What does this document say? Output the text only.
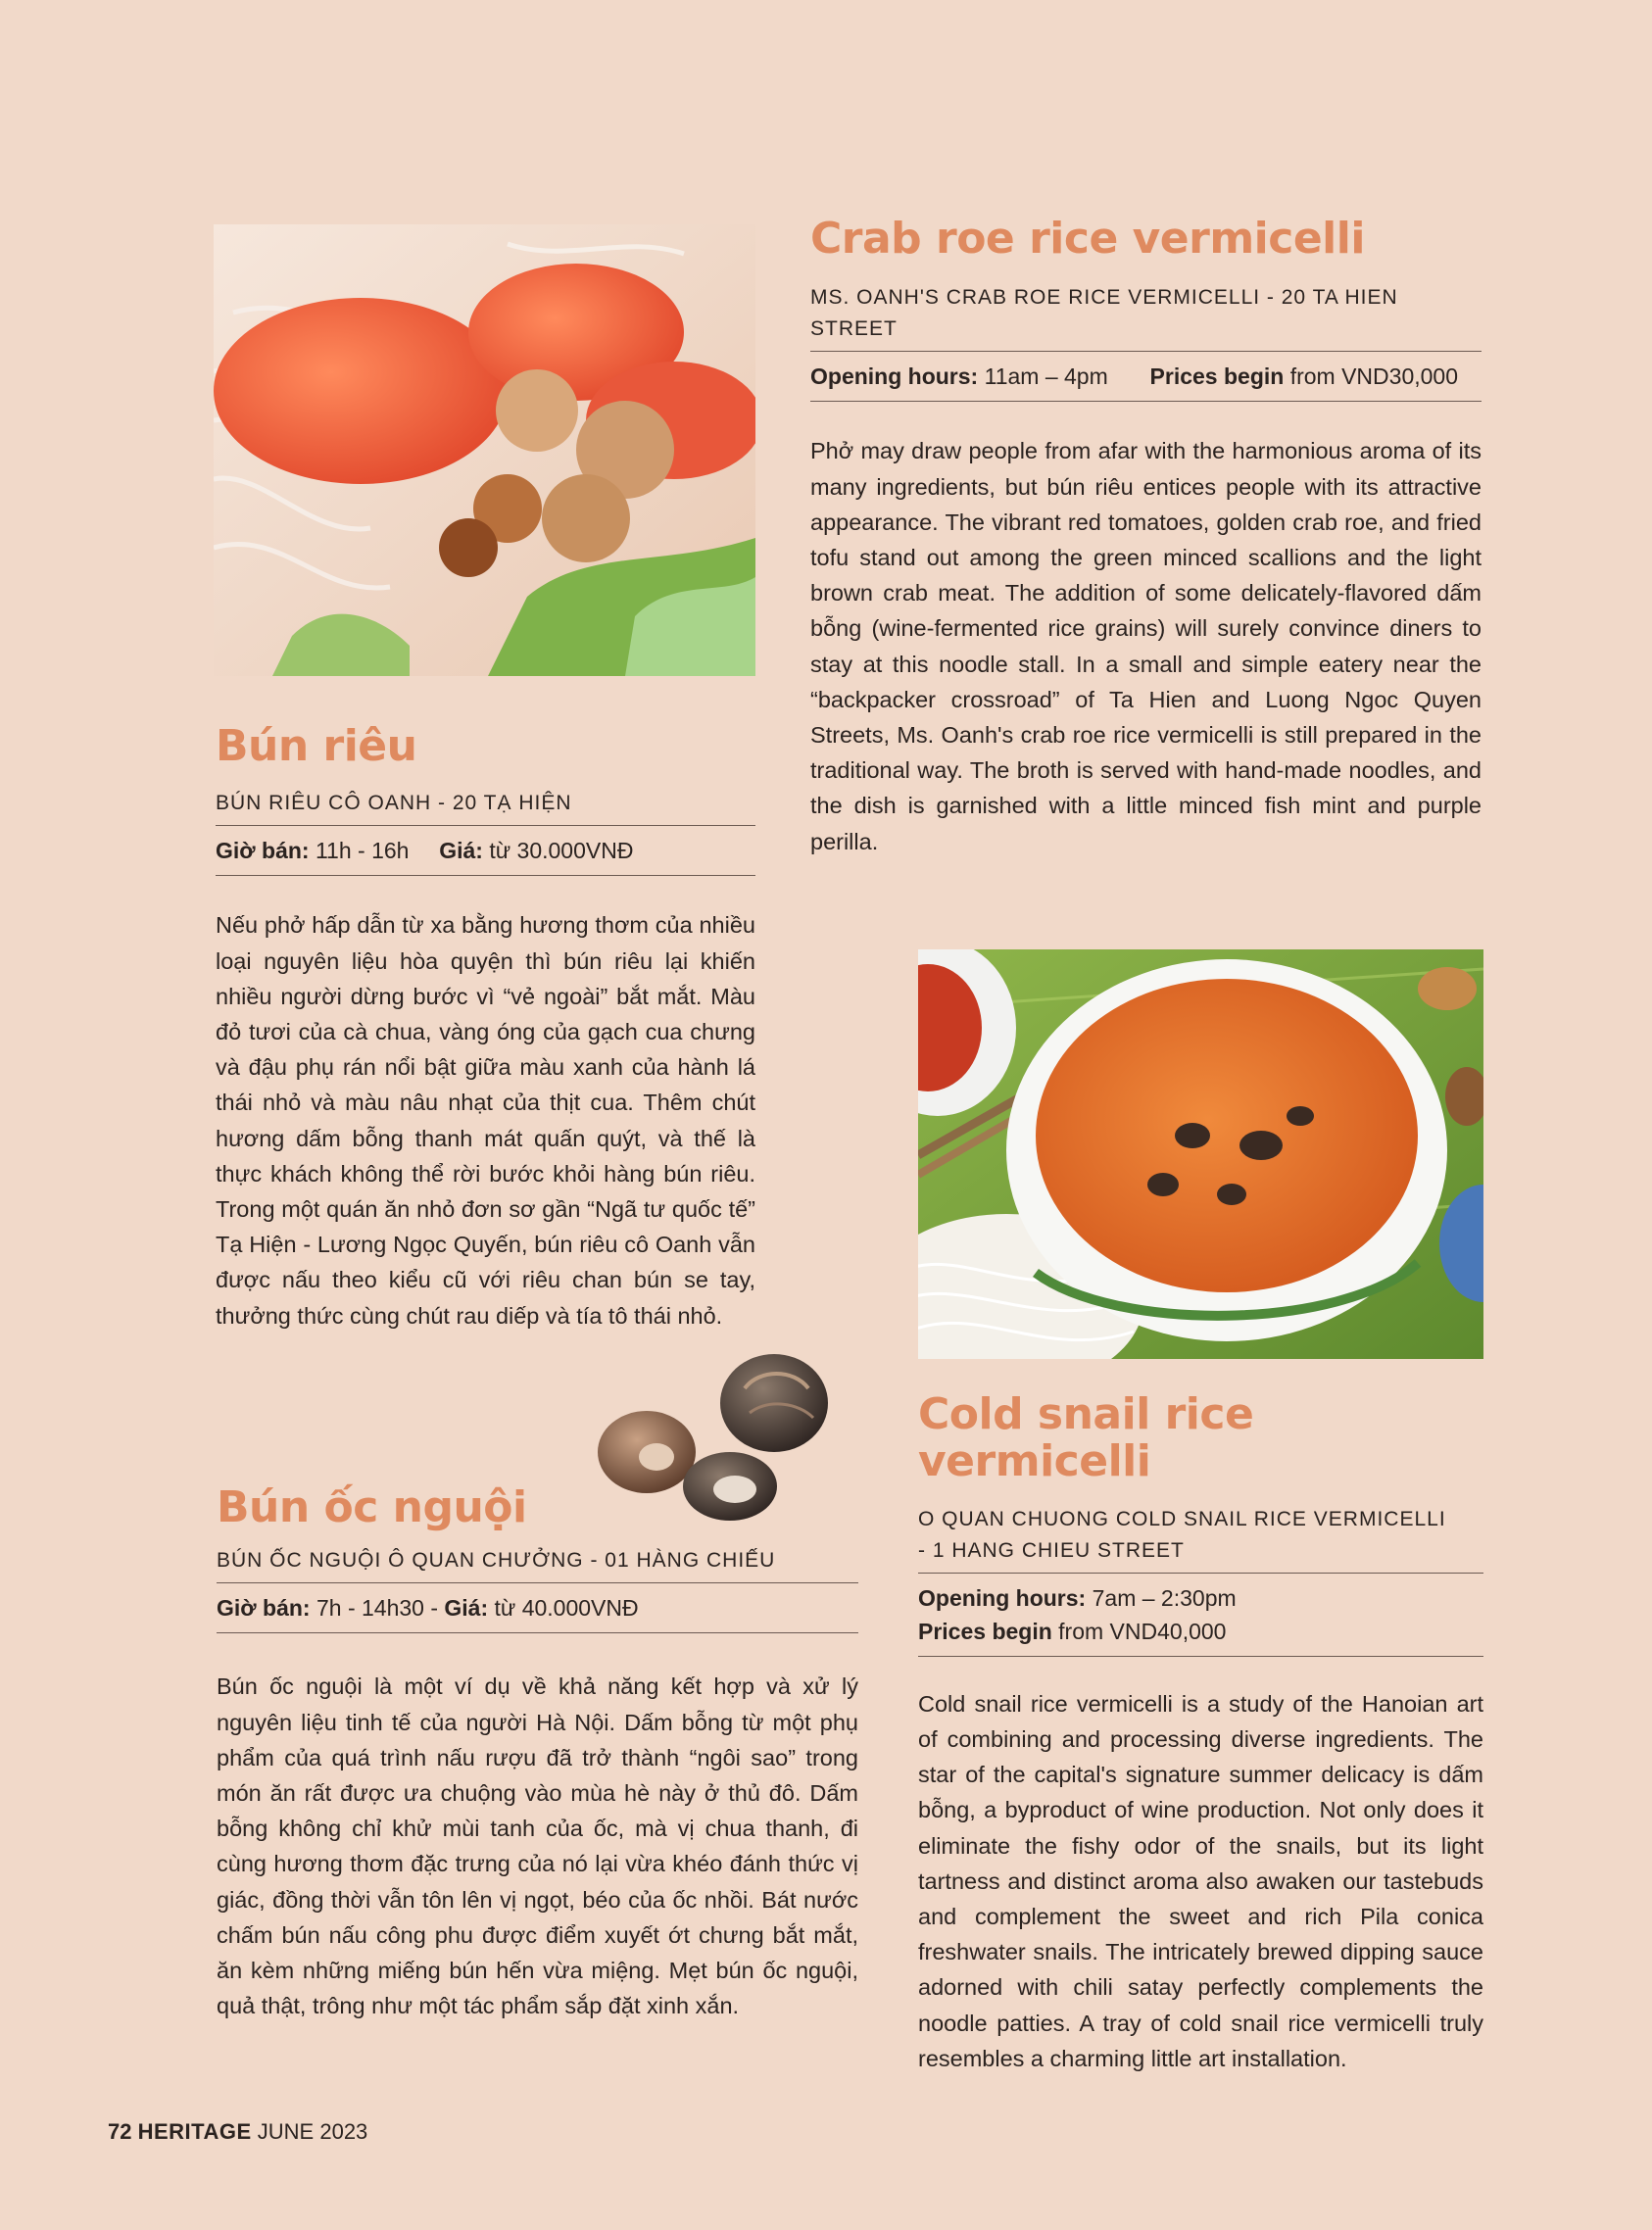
Crab roe rice vermicelli
MS. OANH'S CRAB ROE RICE VERMICELLI - 20 TA HIEN STREET
Opening hours: 11am – 4pm Prices begin from VND30,000

Phở may draw people from afar with the harmonious aroma of its many ingredients, but bún riêu entices people with its attractive appearance. The vibrant red tomatoes, golden crab roe, and fried tofu stand out among the green minced scallions and the light brown crab meat. The addition of some delicately-flavored dấm bỗng (wine-fermented rice grains) will surely convince diners to stay at this noodle stall. In a small and simple eatery near the “backpacker crossroad” of Ta Hien and Luong Ngoc Quyen Streets, Ms. Oanh's crab roe rice vermicelli is still prepared in the traditional way. The broth is served with hand-made noodles, and the dish is garnished with a little minced fish mint and purple perilla.

Bún riêu
BÚN RIÊU CÔ OANH - 20 TẠ HIỆN
Giờ bán: 11h - 16h Giá: từ 30.000VNĐ

Nếu phở hấp dẫn từ xa bằng hương thơm của nhiều loại nguyên liệu hòa quyện thì bún riêu lại khiến nhiều người dừng bước vì “vẻ ngoài” bắt mắt. Màu đỏ tươi của cà chua, vàng óng của gạch cua chưng và đậu phụ rán nổi bật giữa màu xanh của hành lá thái nhỏ và màu nâu nhạt của thịt cua. Thêm chút hương dấm bỗng thanh mát quấn quýt, và thế là thực khách không thể rời bước khỏi hàng bún riêu. Trong một quán ăn nhỏ đơn sơ gần “Ngã tư quốc tế” Tạ Hiện - Lương Ngọc Quyến, bún riêu cô Oanh vẫn được nấu theo kiểu cũ với riêu chan bún se tay, thưởng thức cùng chút rau diếp và tía tô thái nhỏ.

Bún ốc nguội
BÚN ỐC NGUỘI Ô QUAN CHƯỞNG - 01 HÀNG CHIẾU
Giờ bán: 7h - 14h30 - Giá: từ 40.000VNĐ

Bún ốc nguội là một ví dụ về khả năng kết hợp và xử lý nguyên liệu tinh tế của người Hà Nội. Dấm bỗng từ một phụ phẩm của quá trình nấu rượu đã trở thành “ngôi sao” trong món ăn rất được ưa chuộng vào mùa hè này ở thủ đô. Dấm bỗng không chỉ khử mùi tanh của ốc, mà vị chua thanh, đi cùng hương thơm đặc trưng của nó lại vừa khéo đánh thức vị giác, đồng thời vẫn tôn lên vị ngọt, béo của ốc nhồi. Bát nước chấm bún nấu công phu được điểm xuyết ớt chưng bắt mắt, ăn kèm những miếng bún hến vừa miệng. Mẹt bún ốc nguội, quả thật, trông như một tác phẩm sắp đặt xinh xắn.

Cold snail rice vermicelli
O QUAN CHUONG COLD SNAIL RICE VERMICELLI
- 1 HANG CHIEU STREET
Opening hours: 7am – 2:30pm
Prices begin from VND40,000

Cold snail rice vermicelli is a study of the Hanoian art of combining and processing diverse ingredients. The star of the capital's signature summer delicacy is dấm bỗng, a byproduct of wine production. Not only does it eliminate the fishy odor of the snails, but its light tartness and distinct aroma also awaken our tastebuds and complement the sweet and rich Pila conica freshwater snails. The intricately brewed dipping sauce adorned with chili satay perfectly complements the noodle patties. A tray of cold snail rice vermicelli truly resembles a charming little art installation.

72 HERITAGE JUNE 2023
